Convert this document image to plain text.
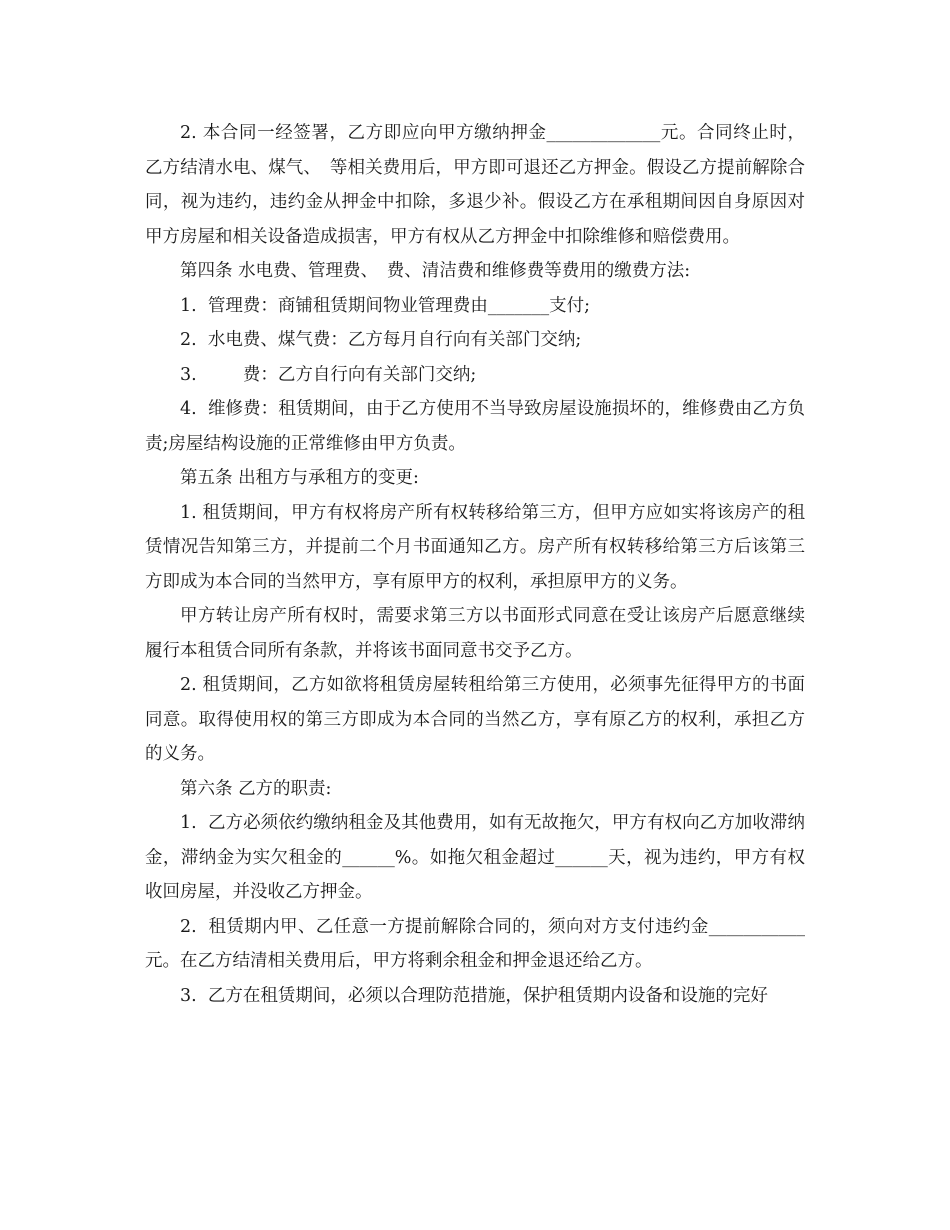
2. 本合同一经签署，乙方即应向甲方缴纳押金_____________元。合同终止时，乙方结清水电、煤气、　等相关费用后，甲方即可退还乙方押金。假设乙方提前解除合同，视为违约，违约金从押金中扣除，多退少补。假设乙方在承租期间因自身原因对甲方房屋和相关设备造成损害，甲方有权从乙方押金中扣除维修和赔偿费用。

第四条 水电费、管理费、　费、清洁费和维修费等费用的缴费方法:

1.  管理费：商铺租赁期间物业管理费由_______支付;

2.  水电费、煤气费：乙方每月自行向有关部门交纳;

3.  　　费：乙方自行向有关部门交纳;

4.  维修费：租赁期间，由于乙方使用不当导致房屋设施损坏的，维修费由乙方负责;房屋结构设施的正常维修由甲方负责。

第五条 出租方与承租方的变更:

1. 租赁期间，甲方有权将房产所有权转移给第三方，但甲方应如实将该房产的租赁情况告知第三方，并提前二个月书面通知乙方。房产所有权转移给第三方后该第三方即成为本合同的当然甲方，享有原甲方的权利，承担原甲方的义务。

甲方转让房产所有权时，需要求第三方以书面形式同意在受让该房产后愿意继续履行本租赁合同所有条款，并将该书面同意书交予乙方。

2. 租赁期间，乙方如欲将租赁房屋转租给第三方使用，必须事先征得甲方的书面同意。取得使用权的第三方即成为本合同的当然乙方，享有原乙方的权利，承担乙方的义务。

第六条 乙方的职责:

1.  乙方必须依约缴纳租金及其他费用，如有无故拖欠，甲方有权向乙方加收滞纳金，滞纳金为实欠租金的______%。如拖欠租金超过______天，视为违约，甲方有权收回房屋，并没收乙方押金。

2.  租赁期内甲、乙任意一方提前解除合同的，须向对方支付违约金___________元。在乙方结清相关费用后，甲方将剩余租金和押金退还给乙方。

3.  乙方在租赁期间，必须以合理防范措施，保护租赁期内设备和设施的完好
